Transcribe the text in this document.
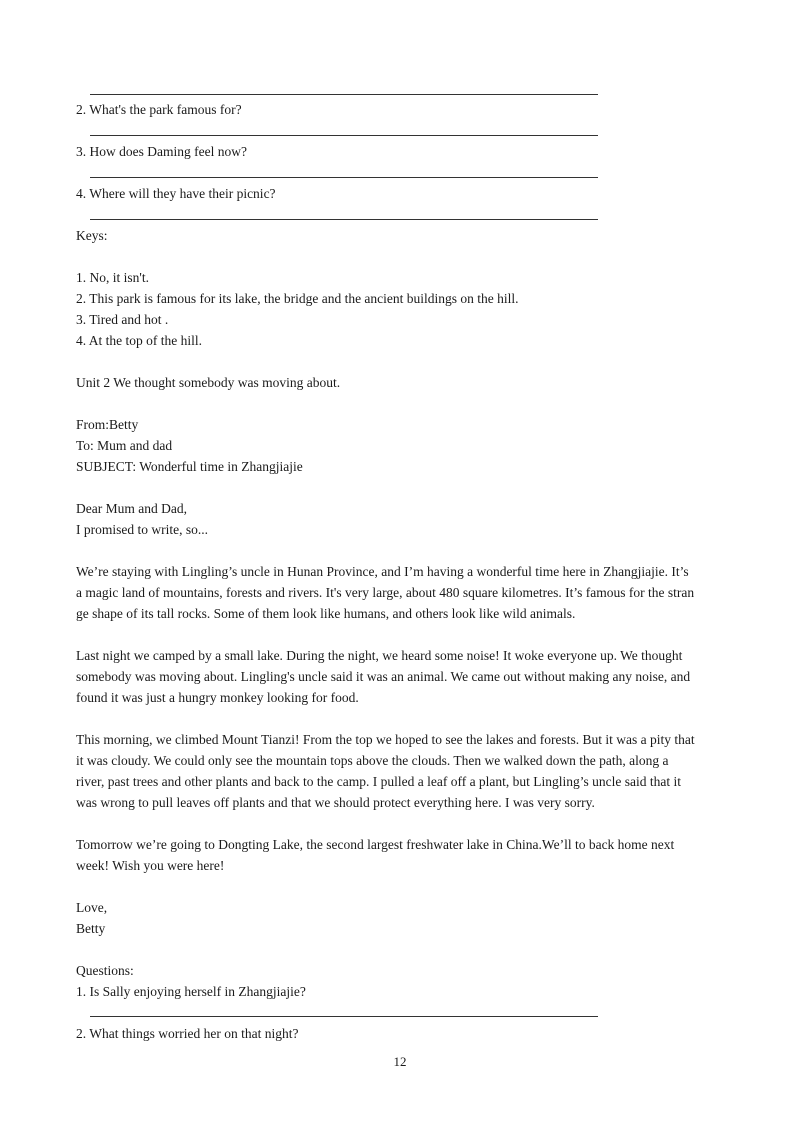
2. What's the park famous for?
3. How does Daming feel now?
4. Where will they have their picnic?
Keys:
1. No, it isn't.
2. This park is famous for its lake, the bridge and the ancient buildings on the hill.
3. Tired and hot .
4. At the top of the hill.
Unit 2 We thought somebody was moving about.
From:Betty
To: Mum and dad
SUBJECT: Wonderful time in Zhangjiajie
Dear Mum and Dad,
I promised to write, so...
We’re staying with Lingling’s uncle in Hunan Province, and I’m having a wonderful time here in Zhangjiajie. It’s
a magic land of mountains, forests and rivers. It's very large, about 480 square kilometres. It’s famous for the stran
ge shape of its tall rocks. Some of them look like humans, and others look like wild animals.
Last night we camped by a small lake. During the night, we heard some noise! It woke everyone up. We thought
somebody was moving about. Lingling's uncle said it was an animal. We came out without making any noise, and
found it was just a hungry monkey looking for food.
This morning, we climbed Mount Tianzi! From the top we hoped to see the lakes and forests. But it was a pity that
it was cloudy. We could only see the mountain tops above the clouds. Then we walked down the path, along a
river, past trees and other plants and back to the camp. I pulled a leaf off a plant, but Lingling’s uncle said that it
was wrong to pull leaves off plants and that we should protect everything here. I was very sorry.
Tomorrow we’re going to Dongting Lake, the second largest freshwater lake in China.We’ll to back home next
week! Wish you were here!
Love,
Betty
Questions:
1. Is Sally enjoying herself in Zhangjiajie?
2. What things worried her on that night?
12
